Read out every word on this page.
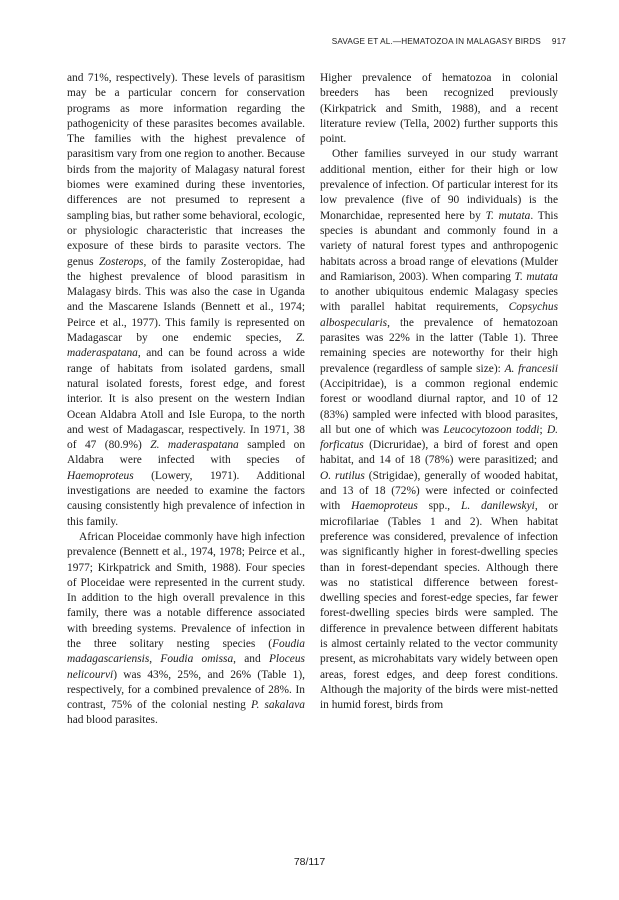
SAVAGE ET AL.—HEMATOZOA IN MALAGASY BIRDS 917

and 71%, respectively). These levels of parasitism may be a particular concern for conservation programs as more information regarding the pathogenicity of these parasites becomes available. The families with the highest prevalence of parasitism vary from one region to another. Because birds from the majority of Malagasy natural forest biomes were examined during these inventories, differences are not presumed to represent a sampling bias, but rather some behavioral, ecologic, or physiologic characteristic that increases the exposure of these birds to parasite vectors. The genus Zosterops, of the family Zosteropidae, had the highest prevalence of blood parasitism in Malagasy birds. This was also the case in Uganda and the Mascarene Islands (Bennett et al., 1974; Peirce et al., 1977). This family is represented on Madagascar by one endemic species, Z. maderaspatana, and can be found across a wide range of habitats from isolated gardens, small natural isolated forests, forest edge, and forest interior. It is also present on the western Indian Ocean Aldabra Atoll and Isle Europa, to the north and west of Madagascar, respectively. In 1971, 38 of 47 (80.9%) Z. maderaspatana sampled on Aldabra were infected with species of Haemoproteus (Lowery, 1971). Additional investigations are needed to examine the factors causing consistently high prevalence of infection in this family.

African Ploceidae commonly have high infection prevalence (Bennett et al., 1974, 1978; Peirce et al., 1977; Kirkpatrick and Smith, 1988). Four species of Ploceidae were represented in the current study. In addition to the high overall prevalence in this family, there was a notable difference associated with breeding systems. Prevalence of infection in the three solitary nesting species (Foudia madagascariensis, Foudia omissa, and Ploceus nelicourvi) was 43%, 25%, and 26% (Table 1), respectively, for a combined prevalence of 28%. In contrast, 75% of the colonial nesting P. sakalava had blood parasites.

Higher prevalence of hematozoa in colonial breeders has been recognized previously (Kirkpatrick and Smith, 1988), and a recent literature review (Tella, 2002) further supports this point.

Other families surveyed in our study warrant additional mention, either for their high or low prevalence of infection. Of particular interest for its low prevalence (five of 90 individuals) is the Monarchidae, represented here by T. mutata. This species is abundant and commonly found in a variety of natural forest types and anthropogenic habitats across a broad range of elevations (Mulder and Ramiarison, 2003). When comparing T. mutata to another ubiquitous endemic Malagasy species with parallel habitat requirements, Copsychus albospecularis, the prevalence of hematozoan parasites was 22% in the latter (Table 1). Three remaining species are noteworthy for their high prevalence (regardless of sample size): A. francesii (Accipitridae), is a common regional endemic forest or woodland diurnal raptor, and 10 of 12 (83%) sampled were infected with blood parasites, all but one of which was Leucocytozoon toddi; D. forficatus (Dicruridae), a bird of forest and open habitat, and 14 of 18 (78%) were parasitized; and O. rutilus (Strigidae), generally of wooded habitat, and 13 of 18 (72%) were infected or coinfected with Haemoproteus spp., L. danilewskyi, or microfilariae (Tables 1 and 2). When habitat preference was considered, prevalence of infection was significantly higher in forest-dwelling species than in forest-dependant species. Although there was no statistical difference between forest-dwelling species and forest-edge species, far fewer forest-dwelling species birds were sampled. The difference in prevalence between different habitats is almost certainly related to the vector community present, as microhabitats vary widely between open areas, forest edges, and deep forest conditions. Although the majority of the birds were mist-netted in humid forest, birds from

78/117
